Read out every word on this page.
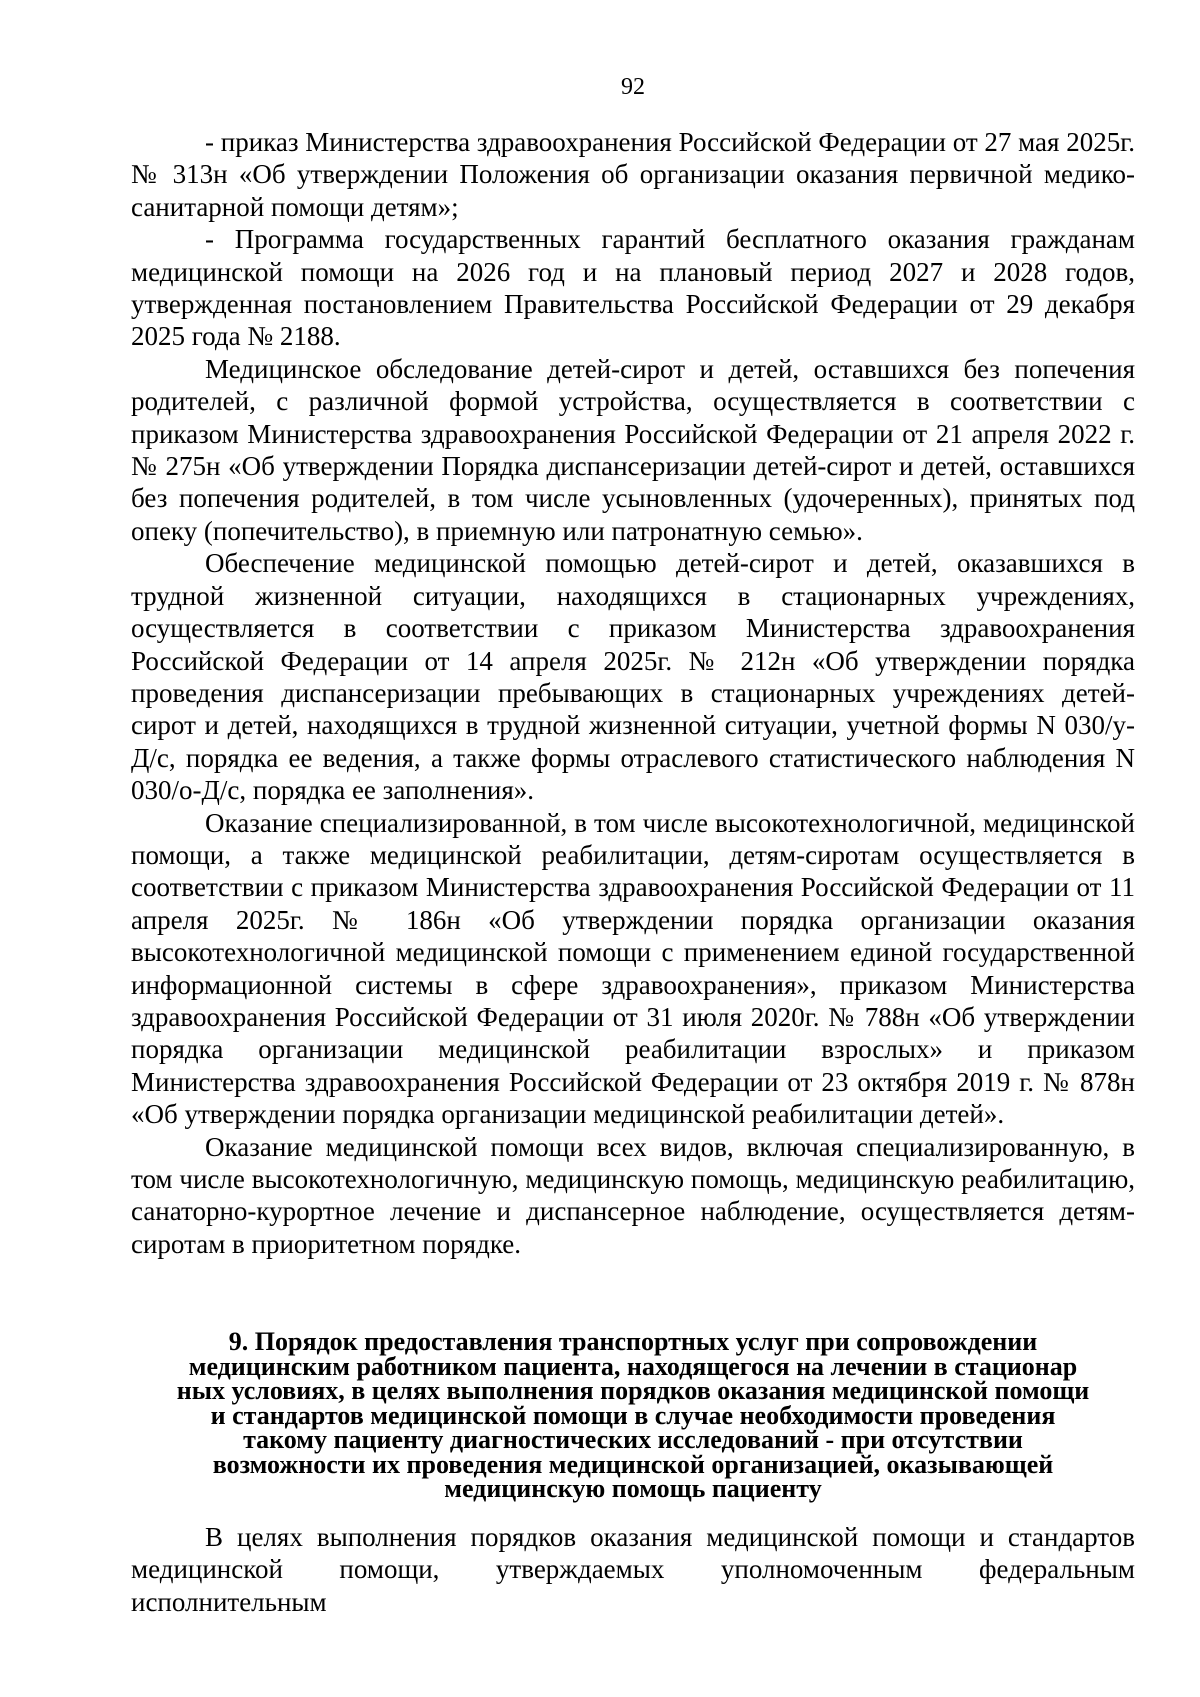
92

- приказ Министерства здравоохранения Российской Федерации от 27 мая 2025г. № 313н «Об утверждении Положения об организации оказания первичной медико-санитарной помощи детям»;

- Программа государственных гарантий бесплатного оказания гражданам медицинской помощи на 2026 год и на плановый период 2027 и 2028 годов, утвержденная постановлением Правительства Российской Федерации от 29 декабря 2025 года № 2188.

Медицинское обследование детей-сирот и детей, оставшихся без попечения родителей, с различной формой устройства, осуществляется в соответствии с приказом Министерства здравоохранения Российской Федерации от 21 апреля 2022 г. № 275н «Об утверждении Порядка диспансеризации детей-сирот и детей, оставшихся без попечения родителей, в том числе усыновленных (удочеренных), принятых под опеку (попечительство), в приемную или патронатную семью».

Обеспечение медицинской помощью детей-сирот и детей, оказавшихся в трудной жизненной ситуации, находящихся в стационарных учреждениях, осуществляется в соответствии с приказом Министерства здравоохранения Российской Федерации от 14 апреля 2025г. № 212н «Об утверждении порядка проведения диспансеризации пребывающих в стационарных учреждениях детей-сирот и детей, находящихся в трудной жизненной ситуации, учетной формы N 030/у-Д/с, порядка ее ведения, а также формы отраслевого статистического наблюдения N 030/о-Д/с, порядка ее заполнения».

Оказание специализированной, в том числе высокотехнологичной, медицинской помощи, а также медицинской реабилитации, детям-сиротам осуществляется в соответствии с приказом Министерства здравоохранения Российской Федерации от 11 апреля 2025г. № 186н «Об утверждении порядка организации оказания высокотехнологичной медицинской помощи с применением единой государственной информационной системы в сфере здравоохранения», приказом Министерства здравоохранения Российской Федерации от 31 июля 2020г. № 788н «Об утверждении порядка организации медицинской реабилитации взрослых» и приказом Министерства здравоохранения Российской Федерации от 23 октября 2019 г. № 878н «Об утверждении порядка организации медицинской реабилитации детей».

Оказание медицинской помощи всех видов, включая специализированную, в том числе высокотехнологичную, медицинскую помощь, медицинскую реабилитацию, санаторно-курортное лечение и диспансерное наблюдение, осуществляется детям-сиротам в приоритетном порядке.

9. Порядок предоставления транспортных услуг при сопровождении
медицинским работником пациента, находящегося на лечении в стационар
ных условиях, в целях выполнения порядков оказания медицинской помощи
и стандартов медицинской помощи в случае необходимости проведения
такому пациенту диагностических исследований - при отсутствии
возможности их проведения медицинской организацией, оказывающей
медицинскую помощь пациенту

В целях выполнения порядков оказания медицинской помощи и стандартов медицинской помощи, утверждаемых уполномоченным федеральным исполнительным
